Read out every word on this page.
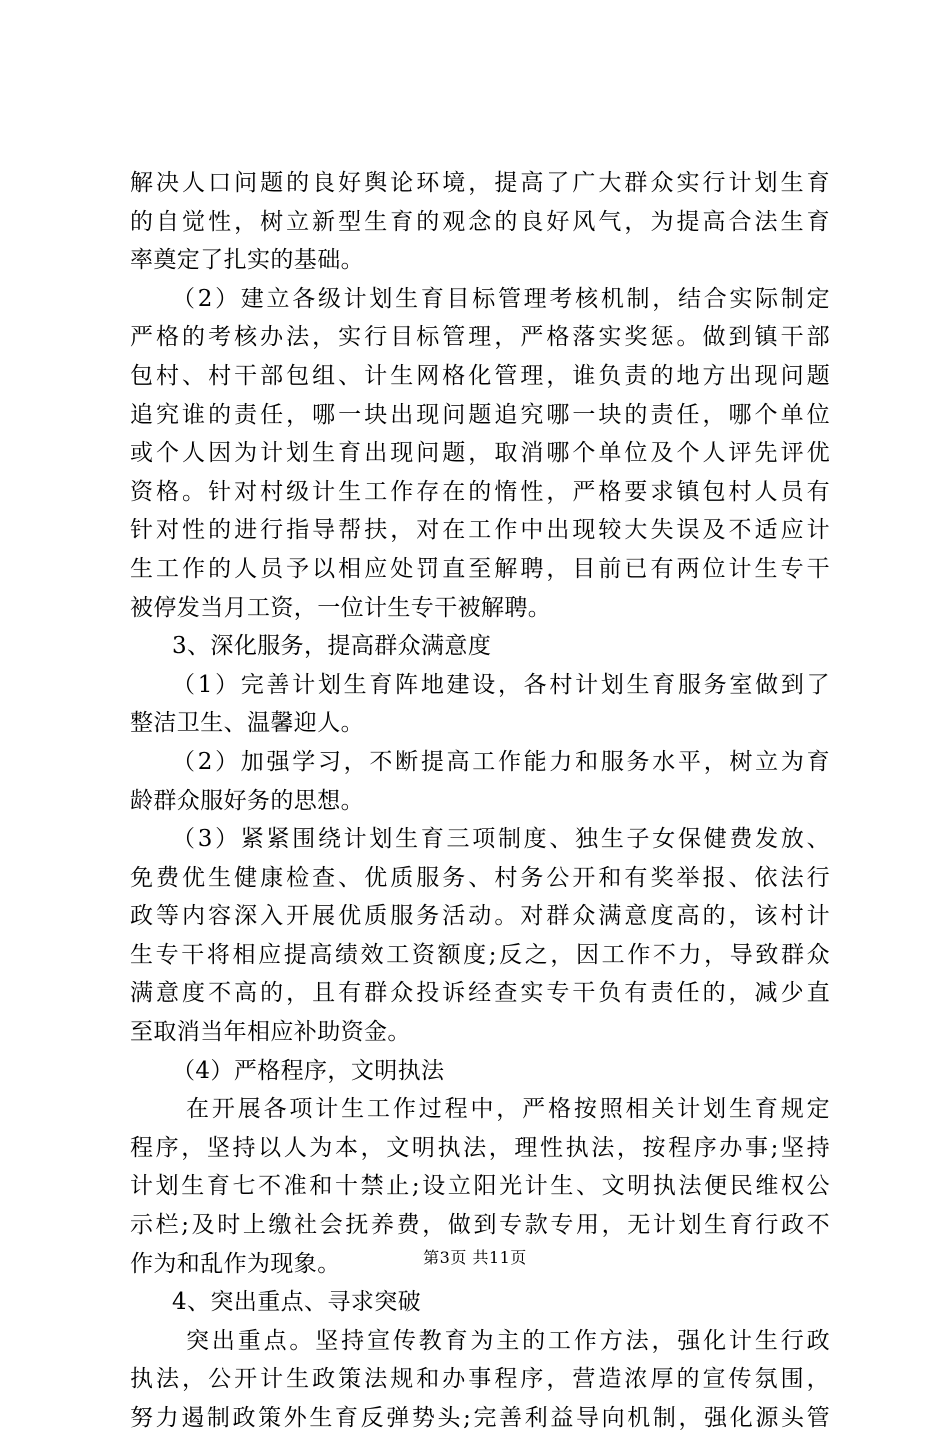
解决人口问题的良好舆论环境，提高了广大群众实行计划生育
的自觉性，树立新型生育的观念的良好风气，为提高合法生育
率奠定了扎实的基础。
（2）建立各级计划生育目标管理考核机制，结合实际制定
严格的考核办法，实行目标管理，严格落实奖惩。做到镇干部
包村、村干部包组、计生网格化管理，谁负责的地方出现问题
追究谁的责任，哪一块出现问题追究哪一块的责任，哪个单位
或个人因为计划生育出现问题，取消哪个单位及个人评先评优
资格。针对村级计生工作存在的惰性，严格要求镇包村人员有
针对性的进行指导帮扶，对在工作中出现较大失误及不适应计
生工作的人员予以相应处罚直至解聘，目前已有两位计生专干
被停发当月工资，一位计生专干被解聘。
3、深化服务，提高群众满意度
（1）完善计划生育阵地建设，各村计划生育服务室做到了
整洁卫生、温馨迎人。
（2）加强学习，不断提高工作能力和服务水平，树立为育
龄群众服好务的思想。
（3）紧紧围绕计划生育三项制度、独生子女保健费发放、
免费优生健康检查、优质服务、村务公开和有奖举报、依法行
政等内容深入开展优质服务活动。对群众满意度高的，该村计
生专干将相应提高绩效工资额度;反之，因工作不力，导致群众
满意度不高的，且有群众投诉经查实专干负有责任的，减少直
至取消当年相应补助资金。
（4）严格程序，文明执法
在开展各项计生工作过程中，严格按照相关计划生育规定
程序，坚持以人为本，文明执法，理性执法，按程序办事;坚持
计划生育七不准和十禁止;设立阳光计生、文明执法便民维权公
示栏;及时上缴社会抚养费，做到专款专用，无计划生育行政不
作为和乱作为现象。
4、突出重点、寻求突破
突出重点。坚持宣传教育为主的工作方法，强化计生行政
执法，公开计生政策法规和办事程序，营造浓厚的宣传氛围，
努力遏制政策外生育反弹势头;完善利益导向机制，强化源头管
第3页 共11页
